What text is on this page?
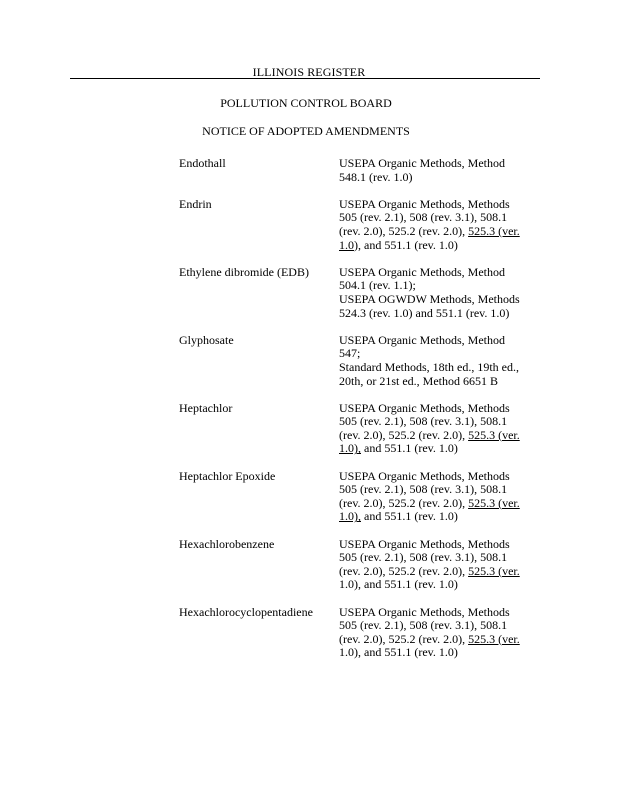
ILLINOIS REGISTER
POLLUTION CONTROL BOARD
NOTICE OF ADOPTED AMENDMENTS
Endothall	USEPA Organic Methods, Method
548.1 (rev. 1.0)
Endrin	USEPA Organic Methods, Methods
505 (rev. 2.1), 508 (rev. 3.1), 508.1
(rev. 2.0), 525.2 (rev. 2.0), 525.3 (ver.
1.0), and 551.1 (rev. 1.0)
Ethylene dibromide (EDB)	USEPA Organic Methods, Method
504.1 (rev. 1.1);
USEPA OGWDW Methods, Methods
524.3 (rev. 1.0) and 551.1 (rev. 1.0)
Glyphosate	USEPA Organic Methods, Method
547;
Standard Methods, 18th ed., 19th ed.,
20th, or 21st ed., Method 6651 B
Heptachlor	USEPA Organic Methods, Methods
505 (rev. 2.1), 508 (rev. 3.1), 508.1
(rev. 2.0), 525.2 (rev. 2.0), 525.3 (ver.
1.0), and 551.1 (rev. 1.0)
Heptachlor Epoxide	USEPA Organic Methods, Methods
505 (rev. 2.1), 508 (rev. 3.1), 508.1
(rev. 2.0), 525.2 (rev. 2.0), 525.3 (ver.
1.0), and 551.1 (rev. 1.0)
Hexachlorobenzene	USEPA Organic Methods, Methods
505 (rev. 2.1), 508 (rev. 3.1), 508.1
(rev. 2.0), 525.2 (rev. 2.0), 525.3 (ver.
1.0), and 551.1 (rev. 1.0)
Hexachlorocyclopentadiene	USEPA Organic Methods, Methods
505 (rev. 2.1), 508 (rev. 3.1), 508.1
(rev. 2.0), 525.2 (rev. 2.0), 525.3 (ver.
1.0), and 551.1 (rev. 1.0)
